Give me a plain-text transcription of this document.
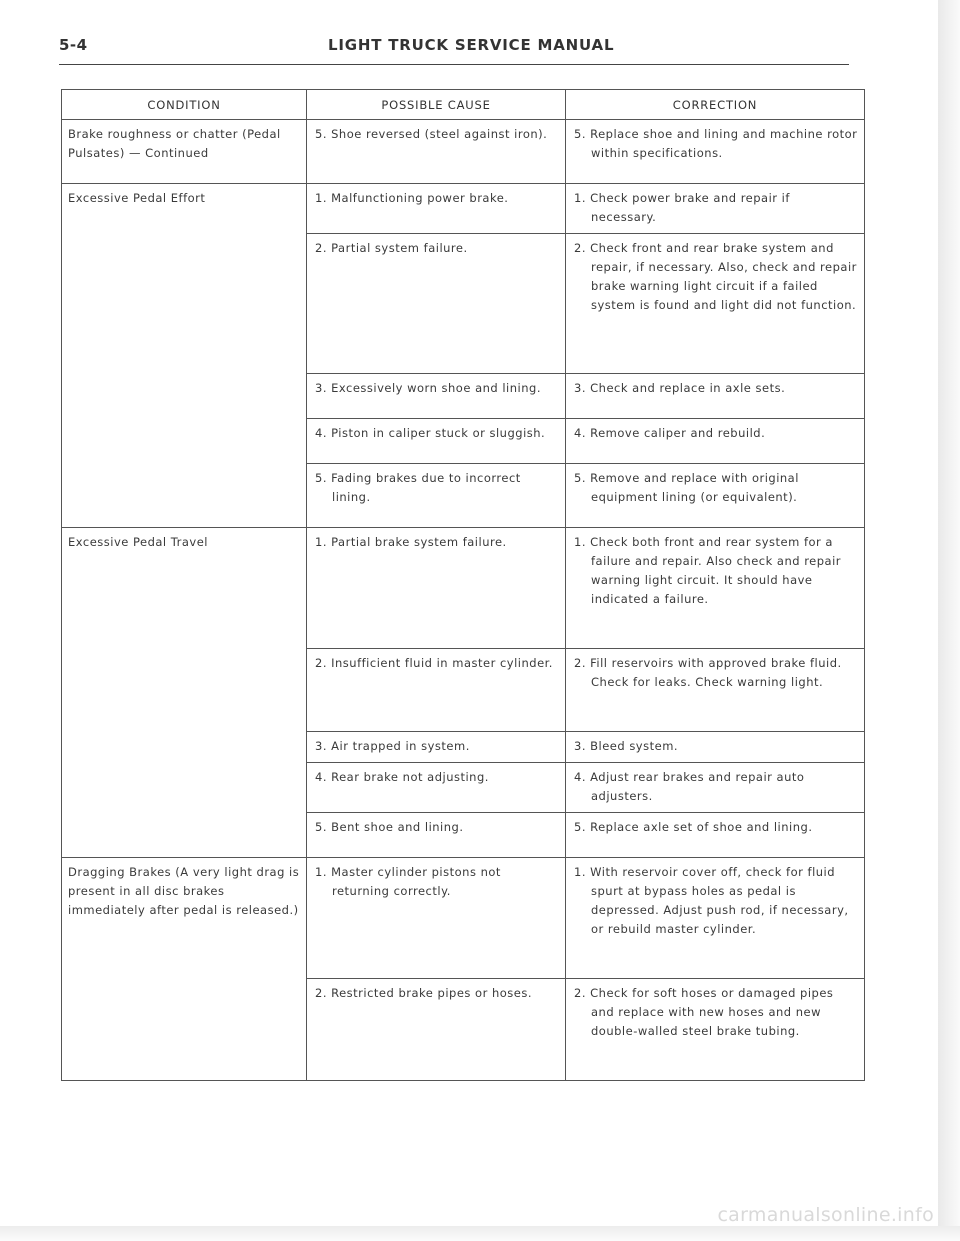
5-4	LIGHT TRUCK SERVICE MANUAL
CONDITION	POSSIBLE CAUSE	CORRECTION
Brake roughness or chatter (Pedal Pulsates) — Continued	5. Shoe reversed (steel against iron).	5. Replace shoe and lining and machine rotor within specifications.

Excessive Pedal Effort	1. Malfunctioning power brake.	1. Check power brake and repair if necessary.

	2. Partial system failure.	2. Check front and rear brake system and repair, if necessary. Also, check and repair brake warning light circuit if a failed system is found and light did not function.

	3. Excessively worn shoe and lining.	3. Check and replace in axle sets.

	4. Piston in caliper stuck or sluggish.	4. Remove caliper and rebuild.

	5. Fading brakes due to incorrect lining.	5. Remove and replace with original equipment lining (or equivalent).

Excessive Pedal Travel	1. Partial brake system failure.	1. Check both front and rear system for a failure and repair. Also check and repair warning light circuit. It should have indicated a failure.

	2. Insufficient fluid in master cylinder.	2. Fill reservoirs with approved brake fluid. Check for leaks. Check warning light.

	3. Air trapped in system.	3. Bleed system.

	4. Rear brake not adjusting.	4. Adjust rear brakes and repair auto adjusters.

	5. Bent shoe and lining.	5. Replace axle set of shoe and lining.

Dragging Brakes (A very light drag is present in all disc brakes immediately after pedal is released.)	1. Master cylinder pistons not returning correctly.	1. With reservoir cover off, check for fluid spurt at bypass holes as pedal is depressed. Adjust push rod, if necessary, or rebuild master cylinder.

	2. Restricted brake pipes or hoses.	2. Check for soft hoses or damaged pipes and replace with new hoses and new double-walled steel brake tubing.
carmanualsonline.info
